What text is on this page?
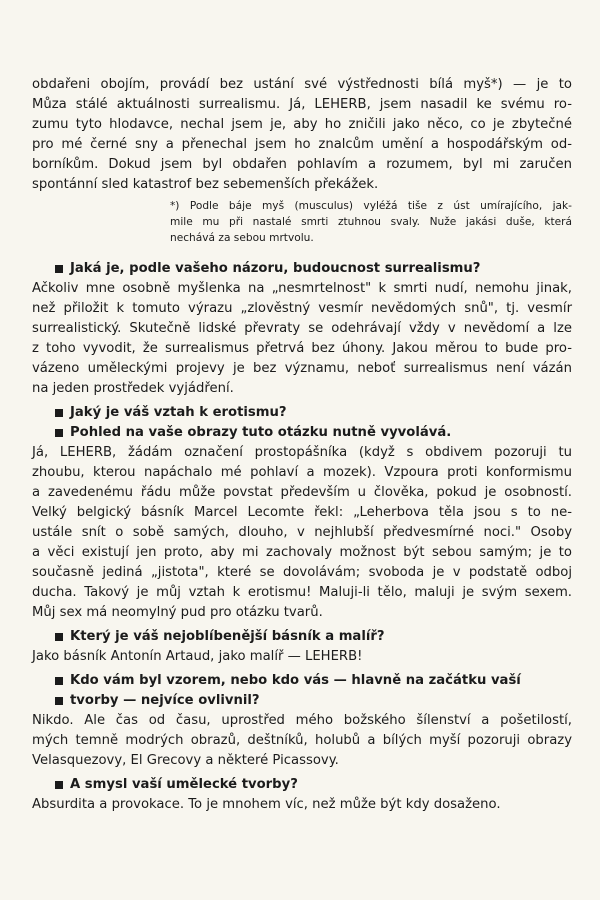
obdařeni obojím, provádí bez ustání své výstřednosti bílá myš*) — je to
Můza stálé aktuálnosti surrealismu. Já, LEHERB, jsem nasadil ke svému ro-
zumu tyto hlodavce, nechal jsem je, aby ho zničili jako něco, co je zbytečné
pro mé černé sny a přenechal jsem ho znalcům umění a hospodářským od-
borníkům. Dokud jsem byl obdařen pohlavím a rozumem, byl mi zaručen
spontánní sled katastrof bez sebemenších překážek.
*) Podle báje myš (musculus) vyléžá tiše z úst umírajícího, jak-
mile mu při nastalé smrti ztuhnou svaly. Nuže jakási duše, která
nechává za sebou mrtvolu.
Jaká je, podle vašeho názoru, budoucnost surrealismu?
Ačkoliv mne osobně myšlenka na „nesmrtelnost" k smrti nudí, nemohu jinak,
než přiložit k tomuto výrazu „zlověstný vesmír nevědomých snů", tj. vesmír
surrealistický. Skutečně lidské převraty se odehrávají vždy v nevědomí a lze
z toho vyvodit, že surrealismus přetrvá bez úhony. Jakou měrou to bude pro-
vázeno uměleckými projevy je bez významu, neboť surrealismus není vázán
na jeden prostředek vyjádření.
Jaký je váš vztah k erotismu?
Pohled na vaše obrazy tuto otázku nutně vyvolává.
Já, LEHERB, žádám označení prostopášníka (když s obdivem pozoruji tu
zhoubu, kterou napáchalo mé pohlaví a mozek). Vzpoura proti konformismu
a zavedenému řádu může povstat především u člověka, pokud je osobností.
Velký belgický básník Marcel Lecomte řekl: „Leherbova těla jsou s to ne-
ustále snít o sobě samých, dlouho, v nejhlubší předvesmírné noci." Osoby
a věci existují jen proto, aby mi zachovaly možnost být sebou samým; je to
současně jediná „jistota", které se dovolávám; svoboda je v podstatě odboj
ducha. Takový je můj vztah k erotismu! Maluji-li tělo, maluji je svým sexem.
Můj sex má neomylný pud pro otázku tvarů.
Který je váš nejoblíbenější básník a malíř?
Jako básník Antonín Artaud, jako malíř — LEHERB!
Kdo vám byl vzorem, nebo kdo vás — hlavně na začátku vaší
tvorby — nejvíce ovlivnil?
Nikdo. Ale čas od času, uprostřed mého božského šílenství a pošetilostí,
mých temně modrých obrazů, deštníků, holubů a bílých myší pozoruji obrazy
Velasquezovy, El Grecovy a některé Picassovy.
A smysl vaší umělecké tvorby?
Absurdita a provokace. To je mnohem víc, než může být kdy dosaženo.
